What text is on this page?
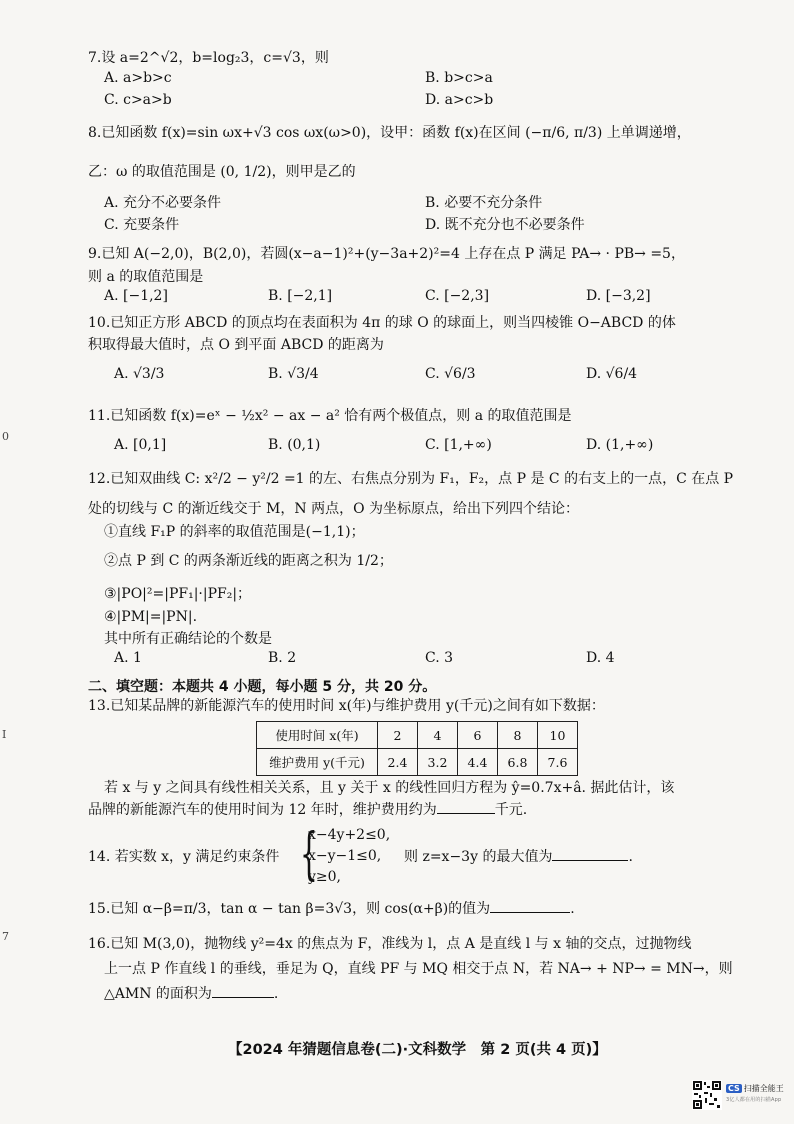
0
I
7
7.设 a=2^√2，b=log₂3，c=√3，则
A. a>b>c	B. b>c>a
C. c>a>b	D. a>c>b
8.已知函数 f(x)=sin ωx+√3 cos ωx(ω>0)，设甲：函数 f(x)在区间 (−π/6, π/3) 上单调递增，
乙：ω 的取值范围是 (0, 1/2)，则甲是乙的
A. 充分不必要条件	B. 必要不充分条件
C. 充要条件	D. 既不充分也不必要条件
9.已知 A(−2,0)，B(2,0)，若圆(x−a−1)²+(y−3a+2)²=4 上存在点 P 满足 PA→ · PB→ =5，
则 a 的取值范围是
A. [−1,2]	B. [−2,1]	C. [−2,3]	D. [−3,2]
10.已知正方形 ABCD 的顶点均在表面积为 4π 的球 O 的球面上，则当四棱锥 O−ABCD 的体
积取得最大值时，点 O 到平面 ABCD 的距离为
A. √3/3	B. √3/4	C. √6/3	D. √6/4
11.已知函数 f(x)=eˣ − ½x² − ax − a² 恰有两个极值点，则 a 的取值范围是
A. [0,1]	B. (0,1)	C. [1,+∞)	D. (1,+∞)
12.已知双曲线 C: x²/2 − y²/2 =1 的左、右焦点分别为 F₁，F₂，点 P 是 C 的右支上的一点，C 在点 P
处的切线与 C 的渐近线交于 M，N 两点，O 为坐标原点，给出下列四个结论：
①直线 F₁P 的斜率的取值范围是(−1,1)；
②点 P 到 C 的两条渐近线的距离之积为 1/2；
③|PO|²=|PF₁|·|PF₂|；
④|PM|=|PN|.
其中所有正确结论的个数是
A. 1	B. 2	C. 3	D. 4
二、填空题：本题共 4 小题，每小题 5 分，共 20 分。
13.已知某品牌的新能源汽车的使用时间 x(年)与维护费用 y(千元)之间有如下数据：
使用时间 x(年)	2	4	6	8	10
维护费用 y(千元)	2.4	3.2	4.4	6.8	7.6
若 x 与 y 之间具有线性相关关系，且 y 关于 x 的线性回归方程为 ŷ=0.7x+â. 据此估计，该
品牌的新能源汽车的使用时间为 12 年时，维护费用约为	千元.
14. 若实数 x，y 满足约束条件 {
x−4y+2≤0,
x−y−1≤0,
y≥0,
则 z=x−3y 的最大值为	.
15.已知 α−β=π/3，tan α − tan β=3√3，则 cos(α+β)的值为	.
16.已知 M(3,0)，抛物线 y²=4x 的焦点为 F，准线为 l，点 A 是直线 l 与 x 轴的交点，过抛物线
上一点 P 作直线 l 的垂线，垂足为 Q，直线 PF 与 MQ 相交于点 N，若 NA→ + NP→ = MN→，则
△AMN 的面积为	.
【2024 年猜题信息卷(二)·文科数学　第 2 页(共 4 页)】
CS 扫描全能王
3亿人都在用的扫描App
